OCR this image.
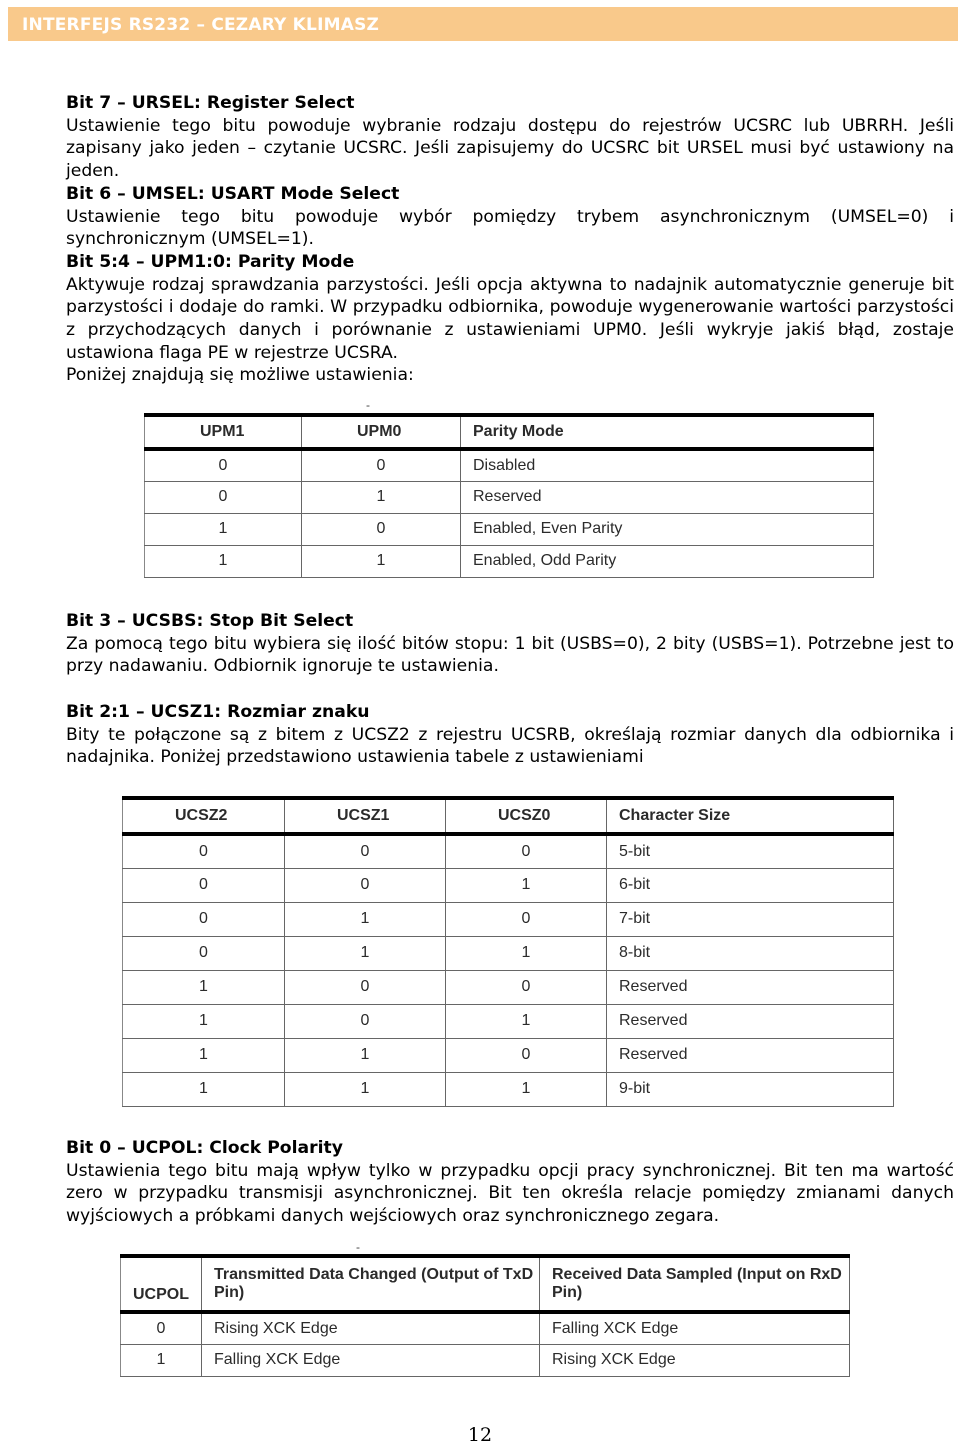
INTERFEJS RS232 – CEZARY KLIMASZ

Bit 7 – URSEL: Register Select

Ustawienie tego bitu powoduje wybranie rodzaju dostępu do rejestrów UCSRC lub UBRRH. Jeśli zapisany jako jeden – czytanie UCSRC. Jeśli zapisujemy do UCSRC bit URSEL musi być ustawiony na jeden.

Bit 6 – UMSEL: USART Mode Select

Ustawienie tego bitu powoduje wybór pomiędzy trybem asynchronicznym (UMSEL=0) i synchronicznym (UMSEL=1).

Bit 5:4 – UPM1:0: Parity Mode

Aktywuje rodzaj sprawdzania parzystości. Jeśli opcja aktywna to nadajnik automatycznie generuje bit parzystości i dodaje do ramki. W przypadku odbiornika, powoduje wygenerowanie wartości parzystości z przychodzących danych i porównanie z ustawieniami UPM0. Jeśli wykryje jakiś błąd, zostaje ustawiona flaga PE w rejestrze UCSRA.

Poniżej znajdują się możliwe ustawienia:

-
UPM1	UPM0	Parity Mode
0	0	Disabled
0	1	Reserved
1	0	Enabled, Even Parity
1	1	Enabled, Odd Parity

Bit 3 – UCSBS: Stop Bit Select

Za pomocą tego bitu wybiera się ilość bitów stopu: 1 bit (USBS=0), 2 bity (USBS=1). Potrzebne jest to przy nadawaniu. Odbiornik ignoruje te ustawienia.

Bit 2:1 – UCSZ1: Rozmiar znaku

Bity te połączone są z bitem z UCSZ2 z rejestru UCSRB, określają rozmiar danych dla odbiornika i nadajnika. Poniżej przedstawiono ustawienia tabele z ustawieniami

UCSZ2	UCSZ1	UCSZ0	Character Size
0	0	0	5-bit
0	0	1	6-bit
0	1	0	7-bit
0	1	1	8-bit
1	0	0	Reserved
1	0	1	Reserved
1	1	0	Reserved
1	1	1	9-bit

Bit 0 – UCPOL: Clock Polarity

Ustawienia tego bitu mają wpływ tylko w przypadku opcji pracy synchronicznej. Bit ten ma wartość zero w przypadku transmisji asynchronicznej. Bit ten określa relacje pomiędzy zmianami danych wyjściowych a próbkami danych wejściowych oraz synchronicznego zegara.

-
UCPOL	Transmitted Data Changed (Output of TxD Pin)	Received Data Sampled (Input on RxD Pin)
0	Rising XCK Edge	Falling XCK Edge
1	Falling XCK Edge	Rising XCK Edge
12
